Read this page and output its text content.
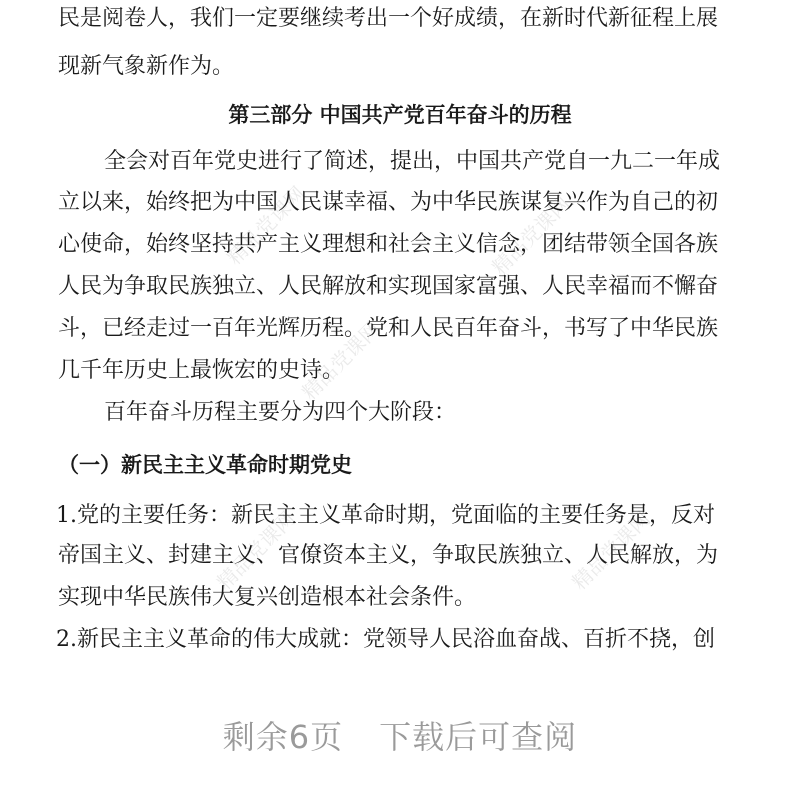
精品党课网	精品党课网
精品党课网
精品党课网	精品党课网
民是阅卷人，我们一定要继续考出一个好成绩，在新时代新征程上展
现新气象新作为。
第三部分 中国共产党百年奋斗的历程
全会对百年党史进行了简述，提出，中国共产党自一九二一年成
立以来，始终把为中国人民谋幸福、为中华民族谋复兴作为自己的初
心使命，始终坚持共产主义理想和社会主义信念，团结带领全国各族
人民为争取民族独立、人民解放和实现国家富强、人民幸福而不懈奋
斗，已经走过一百年光辉历程。党和人民百年奋斗，书写了中华民族
几千年历史上最恢宏的史诗。
百年奋斗历程主要分为四个大阶段：
（一）新民主主义革命时期党史
1.党的主要任务：新民主主义革命时期，党面临的主要任务是，反对
帝国主义、封建主义、官僚资本主义，争取民族独立、人民解放，为
实现中华民族伟大复兴创造根本社会条件。
2.新民主主义革命的伟大成就：党领导人民浴血奋战、百折不挠，创
剩余6页 下载后可查阅
